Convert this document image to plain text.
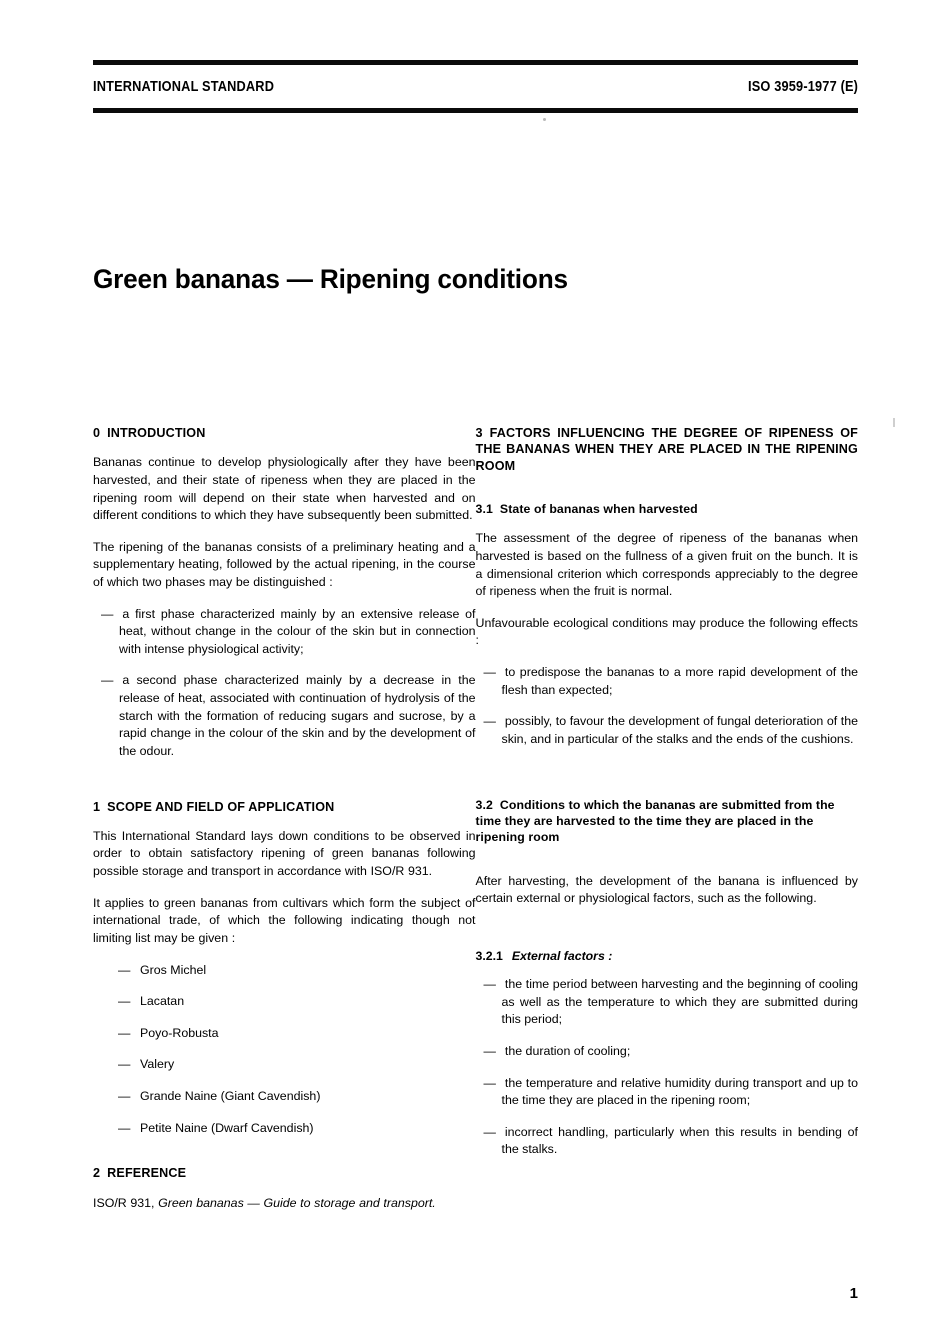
INTERNATIONAL STANDARD	ISO 3959-1977 (E)
Green bananas — Ripening conditions
0 INTRODUCTION

Bananas continue to develop physiologically after they have been harvested, and their state of ripeness when they are placed in the ripening room will depend on their state when harvested and on different conditions to which they have subsequently been submitted.

The ripening of the bananas consists of a preliminary heating and a supplementary heating, followed by the actual ripening, in the course of which two phases may be distinguished :

— a first phase characterized mainly by an extensive release of heat, without change in the colour of the skin but in connection with intense physiological activity;

— a second phase characterized mainly by a decrease in the release of heat, associated with continuation of hydrolysis of the starch with the formation of reducing sugars and sucrose, by a rapid change in the colour of the skin and by the development of the odour.

1 SCOPE AND FIELD OF APPLICATION

This International Standard lays down conditions to be observed in order to obtain satisfactory ripening of green bananas following possible storage and transport in accordance with ISO/R 931.

It applies to green bananas from cultivars which form the subject of international trade, of which the following indicating though not limiting list may be given :

— Gros Michel
— Lacatan
— Poyo-Robusta
— Valery
— Grande Naine (Giant Cavendish)
— Petite Naine (Dwarf Cavendish)
2 REFERENCE

ISO/R 931, Green bananas — Guide to storage and transport.

3 FACTORS INFLUENCING THE DEGREE OF RIPENESS OF THE BANANAS WHEN THEY ARE PLACED IN THE RIPENING ROOM
3.1 State of bananas when harvested

The assessment of the degree of ripeness of the bananas when harvested is based on the fullness of a given fruit on the bunch. It is a dimensional criterion which corresponds appreciably to the degree of ripeness when the fruit is normal.

Unfavourable ecological conditions may produce the following effects :

— to predispose the bananas to a more rapid development of the flesh than expected;

— possibly, to favour the development of fungal deterioration of the skin, and in particular of the stalks and the ends of the cushions.

3.2 Conditions to which the bananas are submitted from the time they are harvested to the time they are placed in the ripening room

After harvesting, the development of the banana is influenced by certain external or physiological factors, such as the following.

3.2.1 External factors :

— the time period between harvesting and the beginning of cooling as well as the temperature to which they are submitted during this period;

— the duration of cooling;

— the temperature and relative humidity during transport and up to the time they are placed in the ripening room;

— incorrect handling, particularly when this results in bending of the stalks.

1
